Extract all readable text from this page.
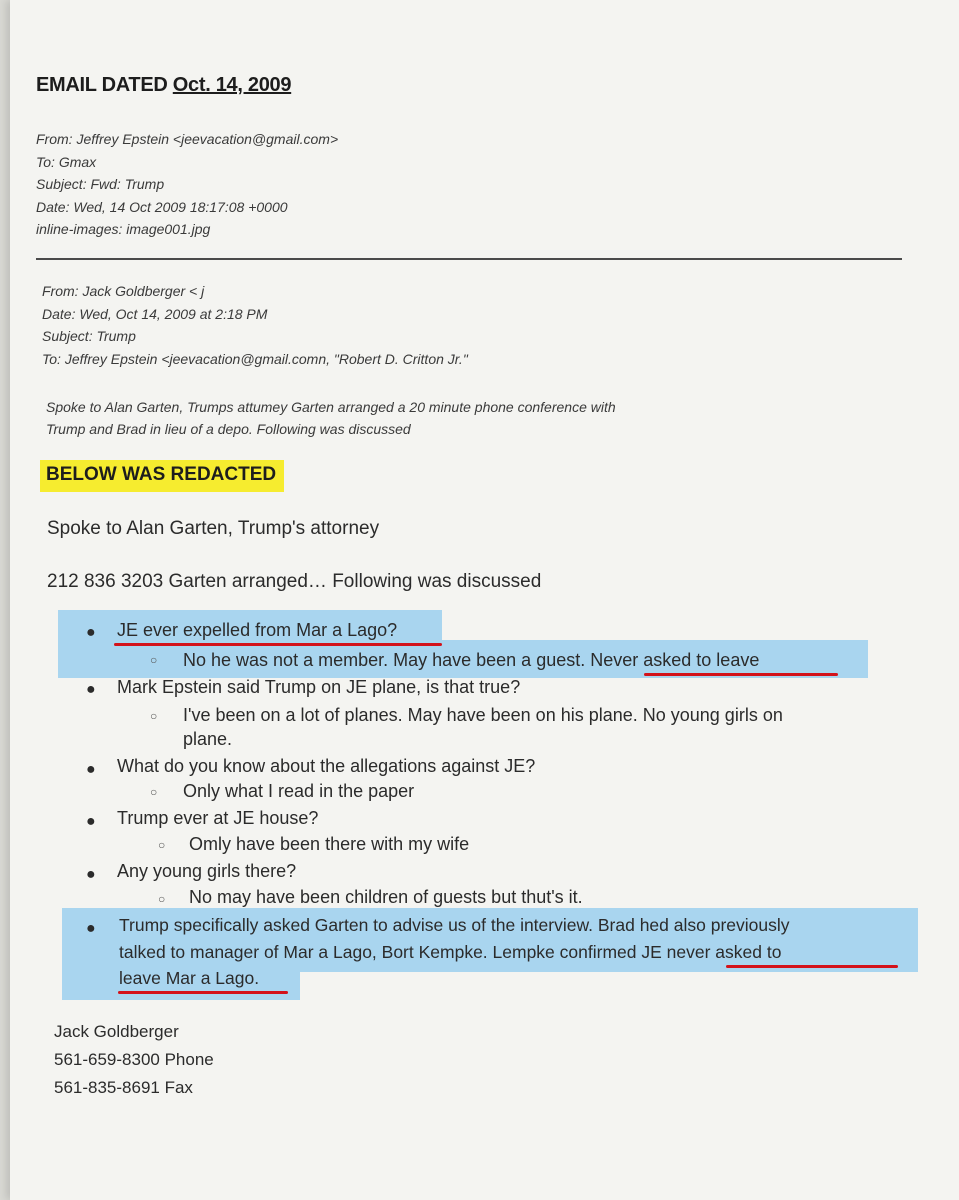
EMAIL DATED Oct. 14, 2009
From: Jeffrey Epstein <jeevacation@gmail.com>
To: Gmax
Subject: Fwd: Trump
Date: Wed, 14 Oct 2009 18:17:08 +0000
inline-images: image001.jpg
From: Jack Goldberger < j
Date: Wed, Oct 14, 2009 at 2:18 PM
Subject: Trump
To: Jeffrey Epstein <jeevacation@gmail.comn, "Robert D. Critton Jr."
Spoke to Alan Garten, Trumps attumey Garten arranged a 20 minute phone conference with
Trump and Brad in lieu of a depo. Following was discussed
BELOW WAS REDACTED
Spoke to Alan Garten, Trump's attorney
212 836 3203 Garten arranged… Following was discussed
● JE ever expelled from Mar a Lago?
○ No he was not a member. May have been a guest. Never asked to leave
● Mark Epstein said Trump on JE plane, is that true?
○ I've been on a lot of planes. May have been on his plane. No young girls on
plane.
● What do you know about the allegations against JE?
○ Only what I read in the paper
● Trump ever at JE house?
○ Omly have been there with my wife
● Any young girls there?
○ No may have been children of guests but thut's it.
● Trump specifically asked Garten to advise us of the interview. Brad hed also previously
talked to manager of Mar a Lago, Bort Kempke. Lempke confirmed JE never asked to
leave Mar a Lago.
Jack Goldberger
561-659-8300 Phone
561-835-8691 Fax
